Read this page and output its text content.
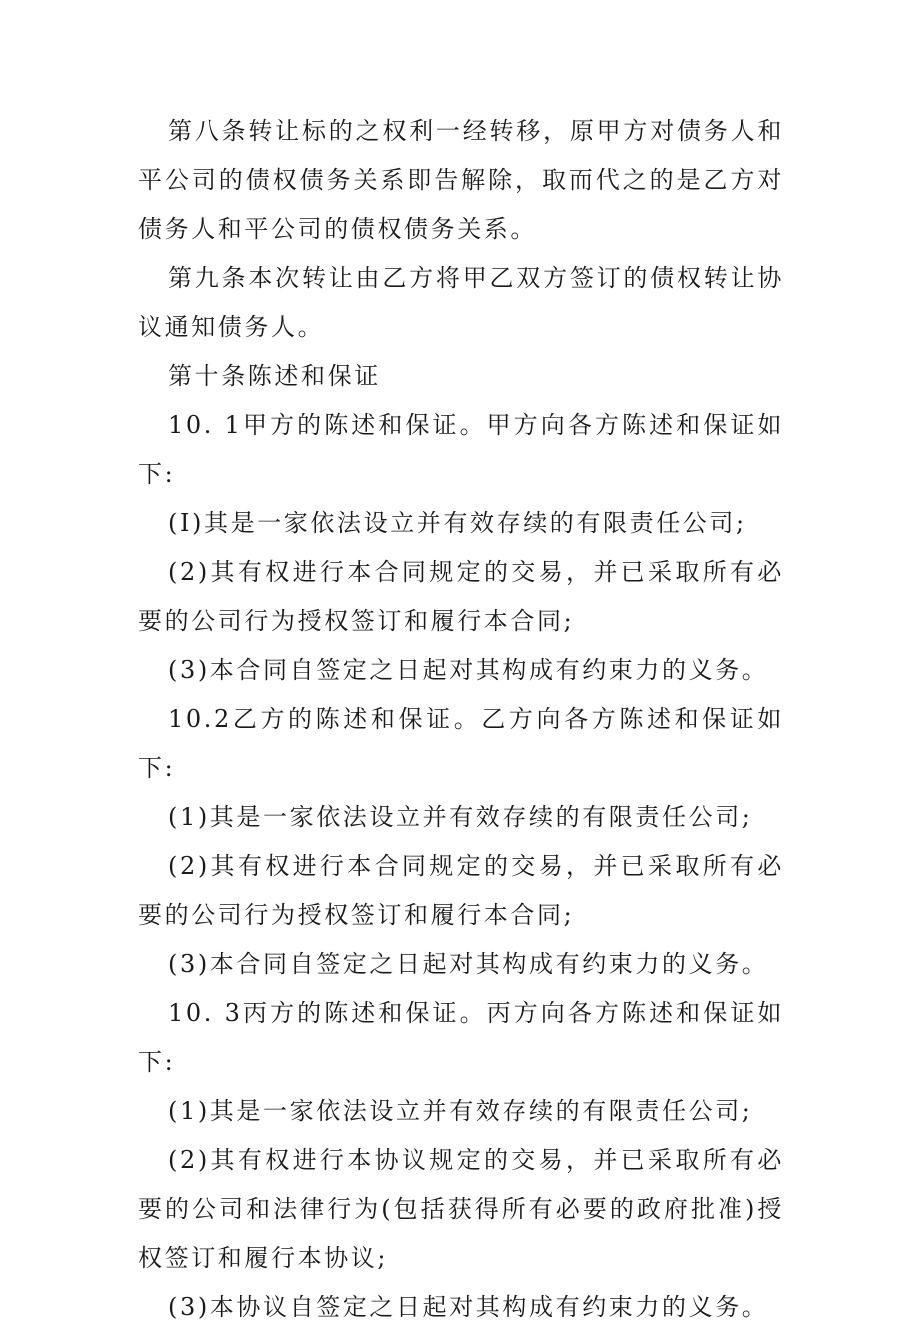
第八条转让标的之权利一经转移，原甲方对债务人和平公司的债权债务关系即告解除，取而代之的是乙方对债务人和平公司的债权债务关系。

第九条本次转让由乙方将甲乙双方签订的债权转让协议通知债务人。

第十条陈述和保证

10. 1甲方的陈述和保证。甲方向各方陈述和保证如下:

(I)其是一家依法设立并有效存续的有限责任公司;

(2)其有权进行本合同规定的交易，并已采取所有必要的公司行为授权签订和履行本合同;

(3)本合同自签定之日起对其构成有约束力的义务。

10.2乙方的陈述和保证。乙方向各方陈述和保证如下:

(1)其是一家依法设立并有效存续的有限责任公司;

(2)其有权进行本合同规定的交易，并已采取所有必要的公司行为授权签订和履行本合同;

(3)本合同自签定之日起对其构成有约束力的义务。

10. 3丙方的陈述和保证。丙方向各方陈述和保证如下:

(1)其是一家依法设立并有效存续的有限责任公司;

(2)其有权进行本协议规定的交易，并已采取所有必要的公司和法律行为(包括获得所有必要的政府批准)授权签订和履行本协议;

(3)本协议自签定之日起对其构成有约束力的义务。
